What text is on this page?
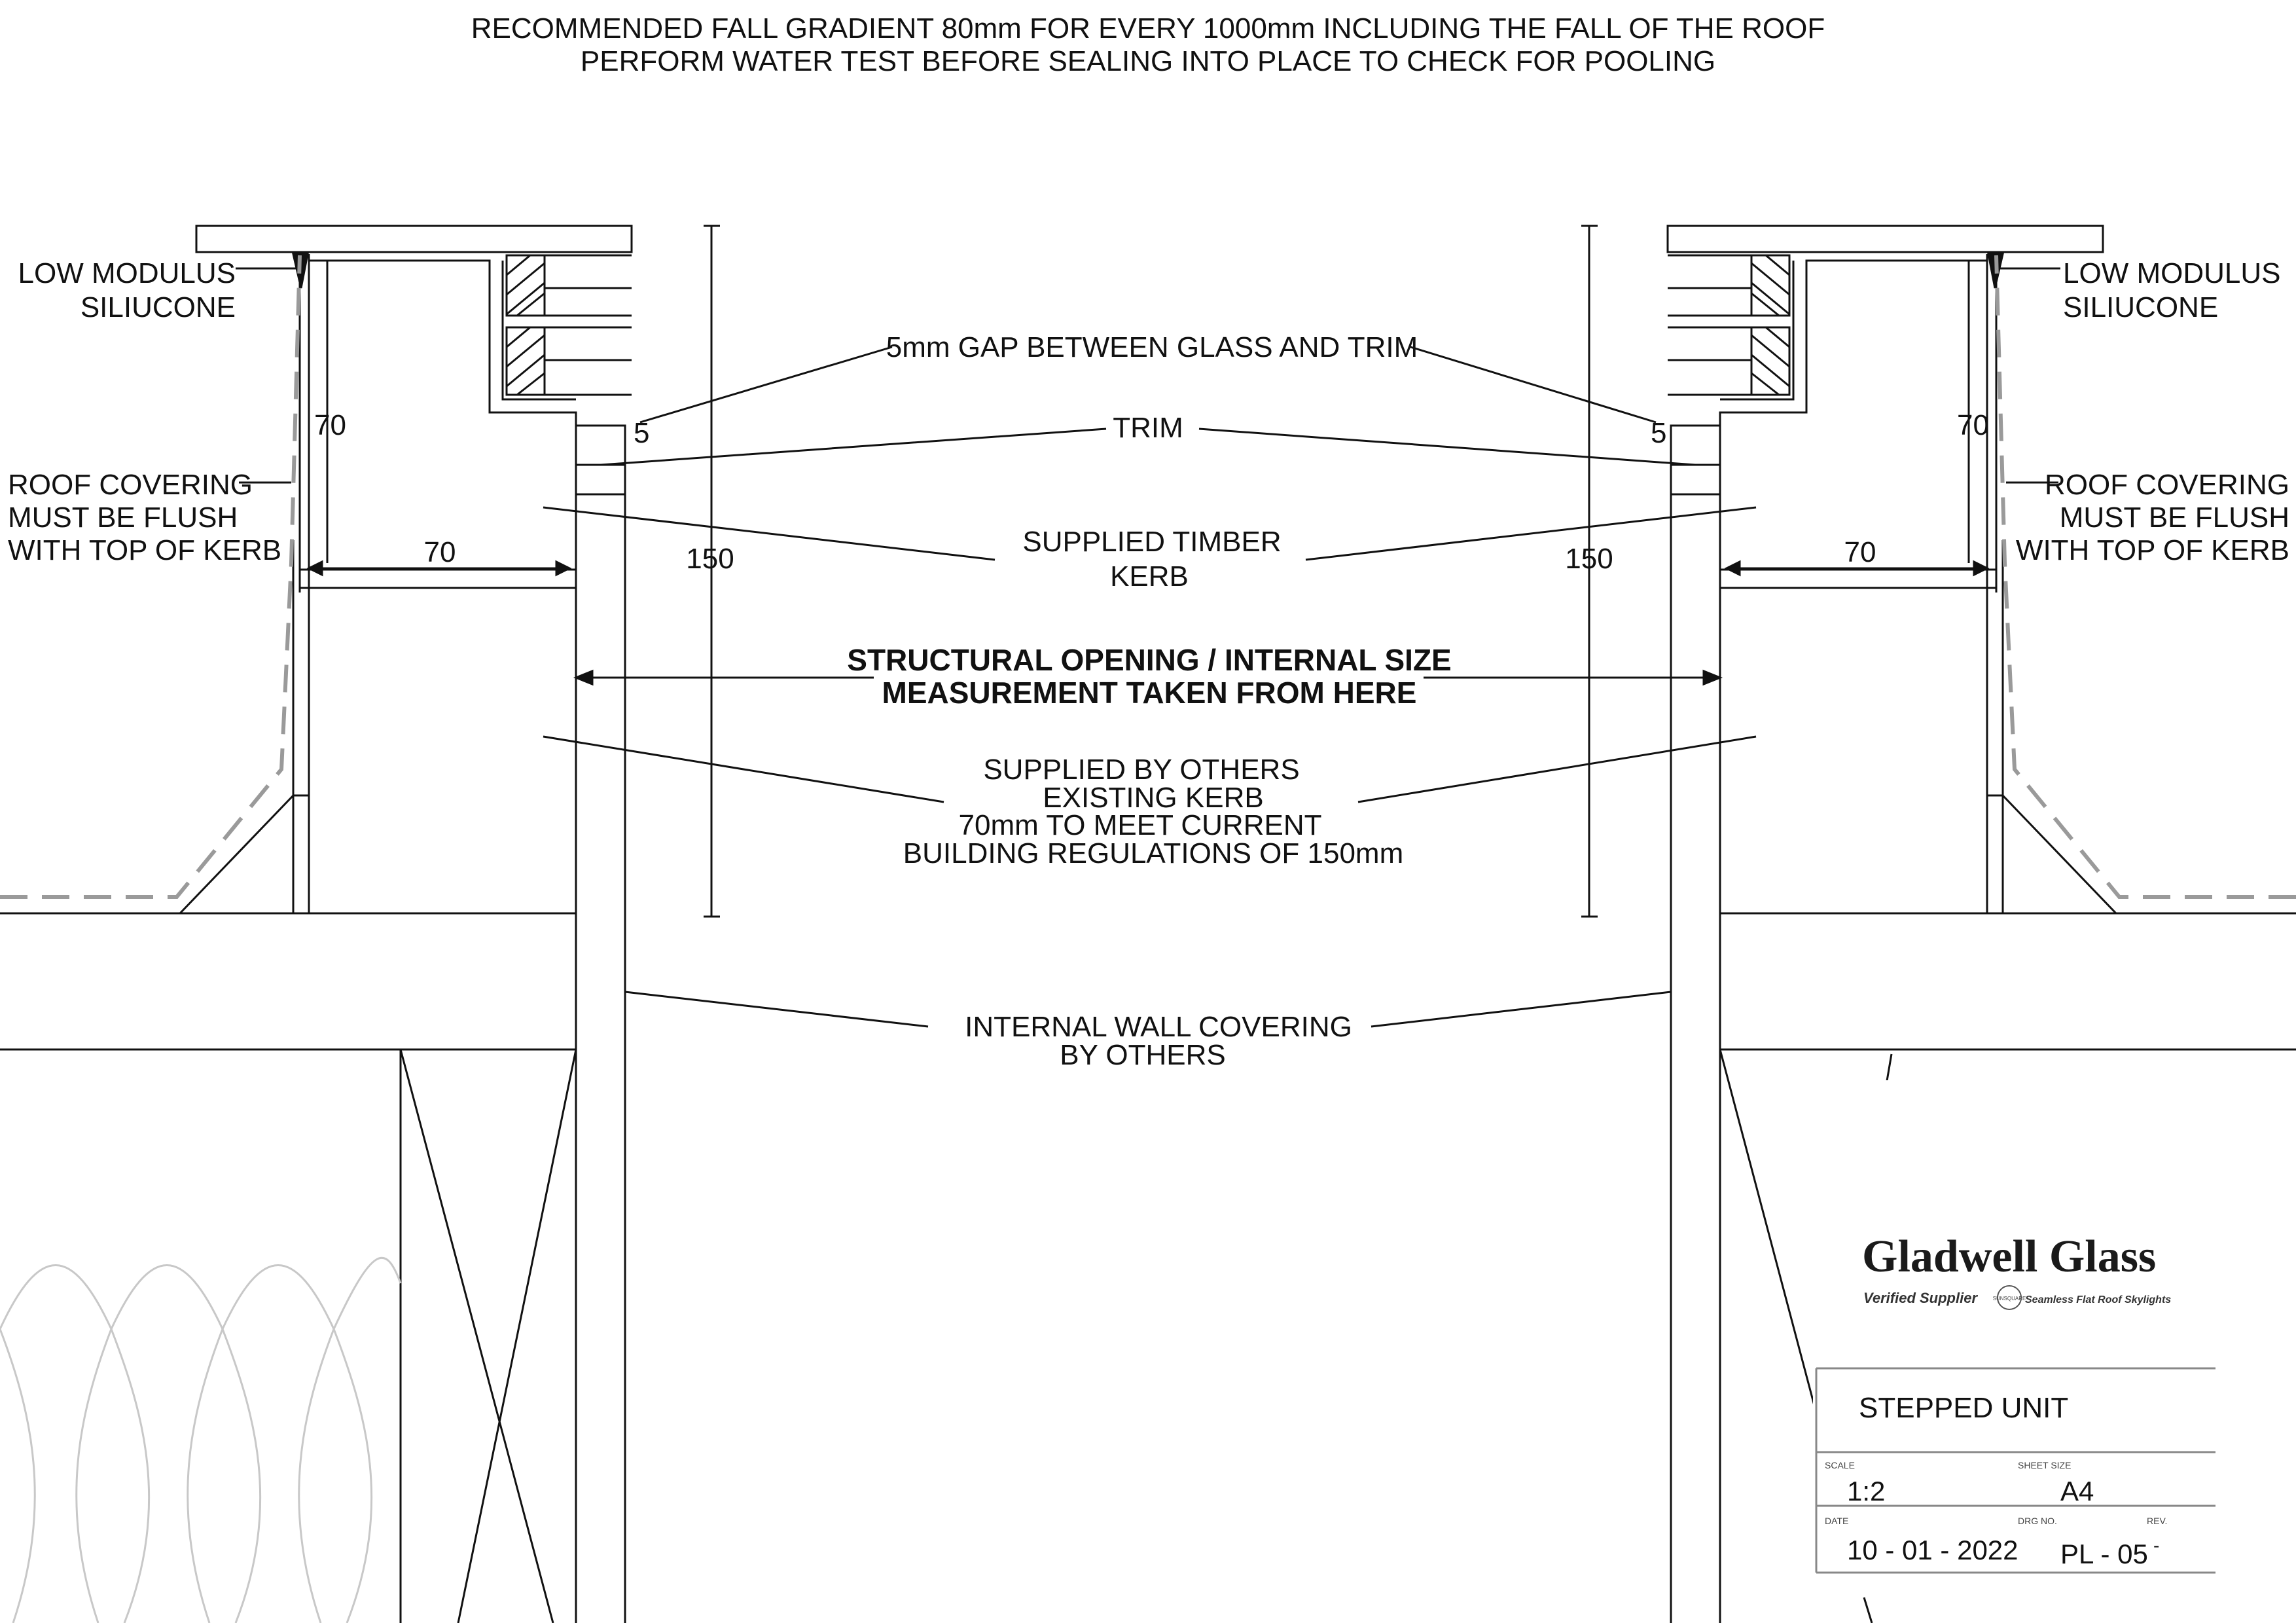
RECOMMENDED FALL GRADIENT 80mm FOR EVERY 1000mm INCLUDING THE FALL OF THE ROOF
PERFORM WATER TEST BEFORE SEALING INTO PLACE TO CHECK FOR POOLING
LOW MODULUS
SILIUCONE
ROOF COVERING
MUST BE FLUSH
WITH TOP OF KERB
70
70	150
5
LOW MODULUS
SILIUCONE
ROOF COVERING
MUST BE FLUSH
WITH TOP OF KERB
70
70
150
5
5mm GAP BETWEEN GLASS AND TRIM
TRIM
SUPPLIED TIMBER
KERB
STRUCTURAL OPENING / INTERNAL SIZE
MEASUREMENT TAKEN FROM HERE
SUPPLIED BY OTHERS
EXISTING KERB
70mm TO MEET CURRENT
BUILDING REGULATIONS OF 150mm
INTERNAL WALL COVERING
BY OTHERS
Gladwell Glass
Verified Supplier	SUNSQUARE
Seamless Flat Roof Skylights
STEPPED UNIT
SCALE
1:2
SHEET SIZE
A4
DATE
10 - 01 - 2022
DRG NO.
PL - 05
REV.
-
